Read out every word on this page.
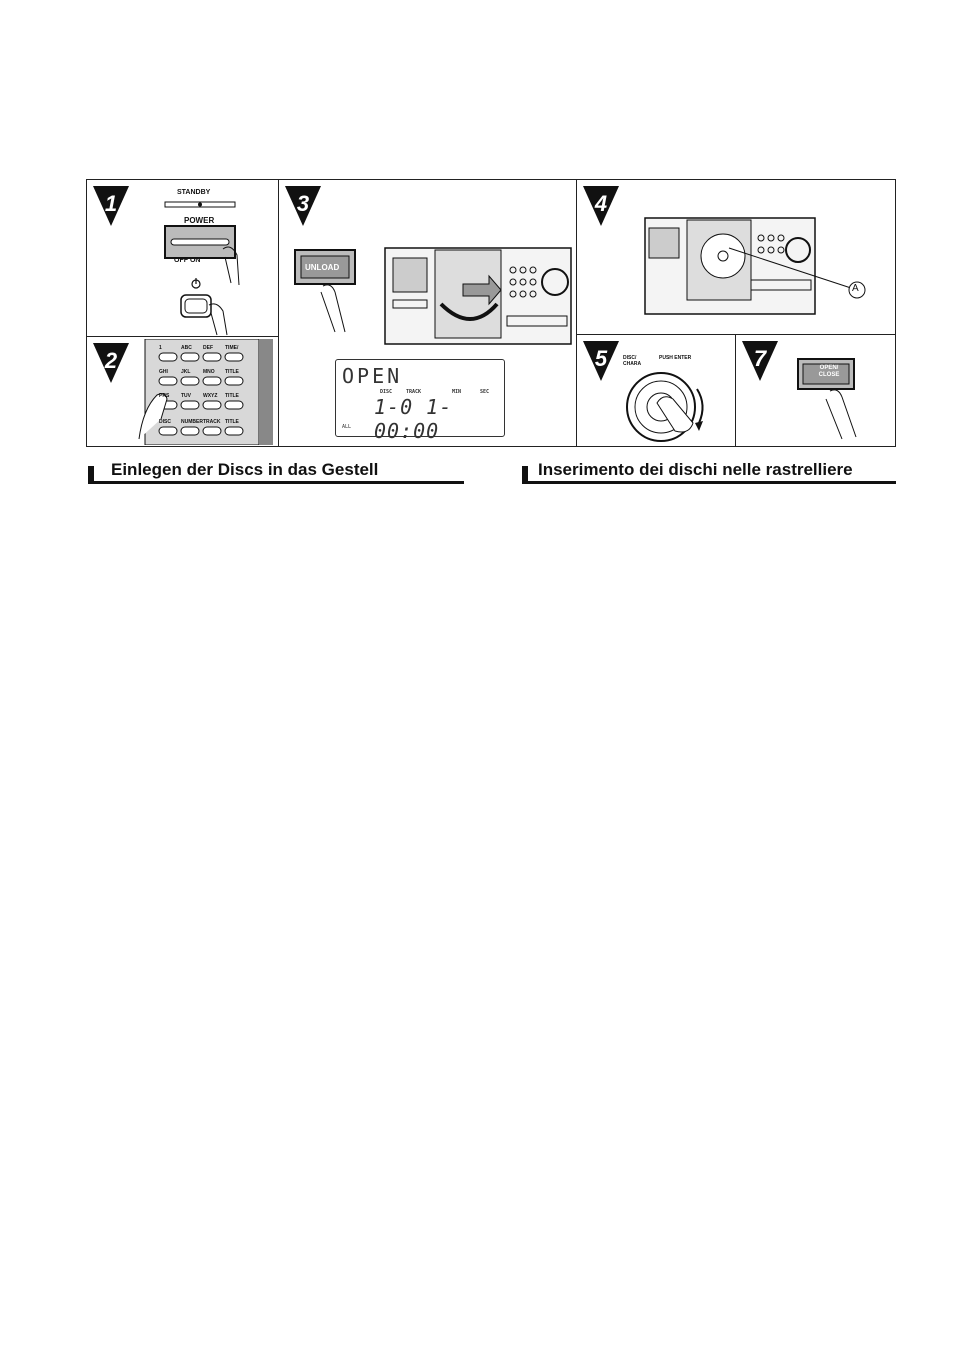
1	STANDBY
POWER
OFF ON
2	1	ABC DEF TIME/
GHI	JKL	MNO TITLE
PRS TUV WXYZ TITLE
DISC NUMBER TRACK TITLE
3
UNLOAD
OPEN
DISC	TRACK	MIN	SEC
1-0 1-00:00
ALL
4
A
5	DISC/ CHARA
PUSH ENTER	7	OPEN/
CLOSE
Einlegen der Discs in das Gestell	Inserimento dei dischi nelle rastrelliere
